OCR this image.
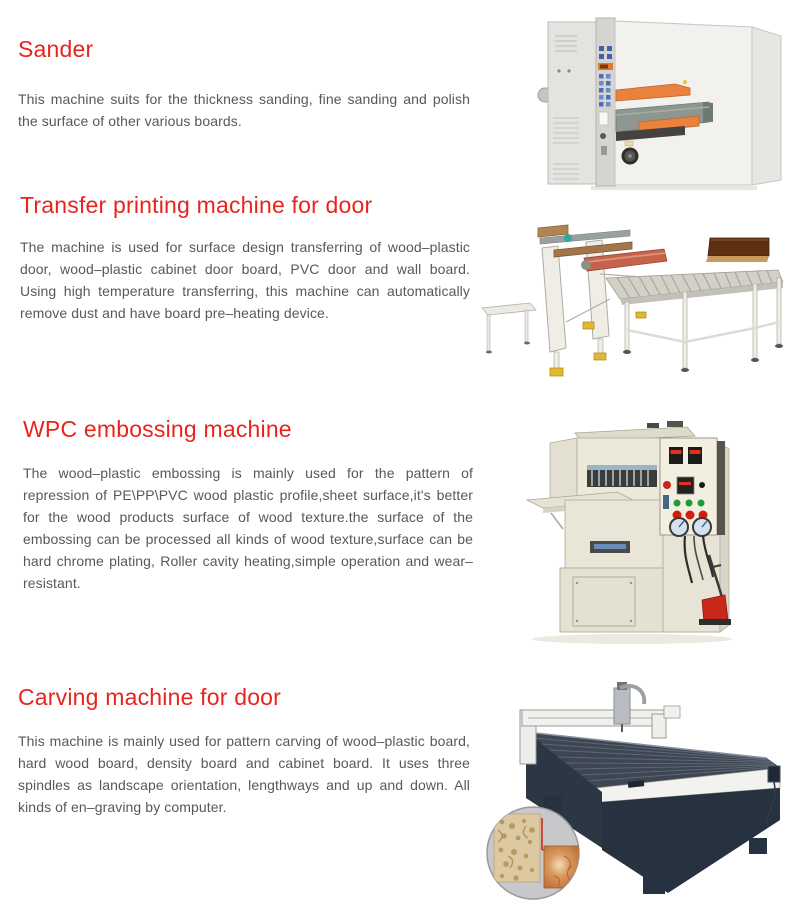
Sander

This machine suits for the thickness sanding, fine sanding and polish the surface of other various boards.

Transfer printing machine for door

The machine is used for surface design transferring of wood–plastic door, wood–plastic cabinet door board, PVC door and wall board. Using high temperature transferring, this machine can automatically remove dust and have board pre–heating device.

WPC embossing machine

The wood–plastic embossing is mainly used for the pattern of repression of PE\PP\PVC wood plastic profile,sheet surface,it's better for the wood products surface of wood texture.the surface of the embossing can be processed all kinds of wood texture,surface can be hard chrome plating, Roller cavity heating,simple operation and wear–resistant.

Carving machine for door

This machine is mainly used for pattern carving of wood–plastic board, hard wood board, density board and cabinet board. It uses three spindles as landscape orientation, lengthways and up and down. All kinds of en–graving by computer.
